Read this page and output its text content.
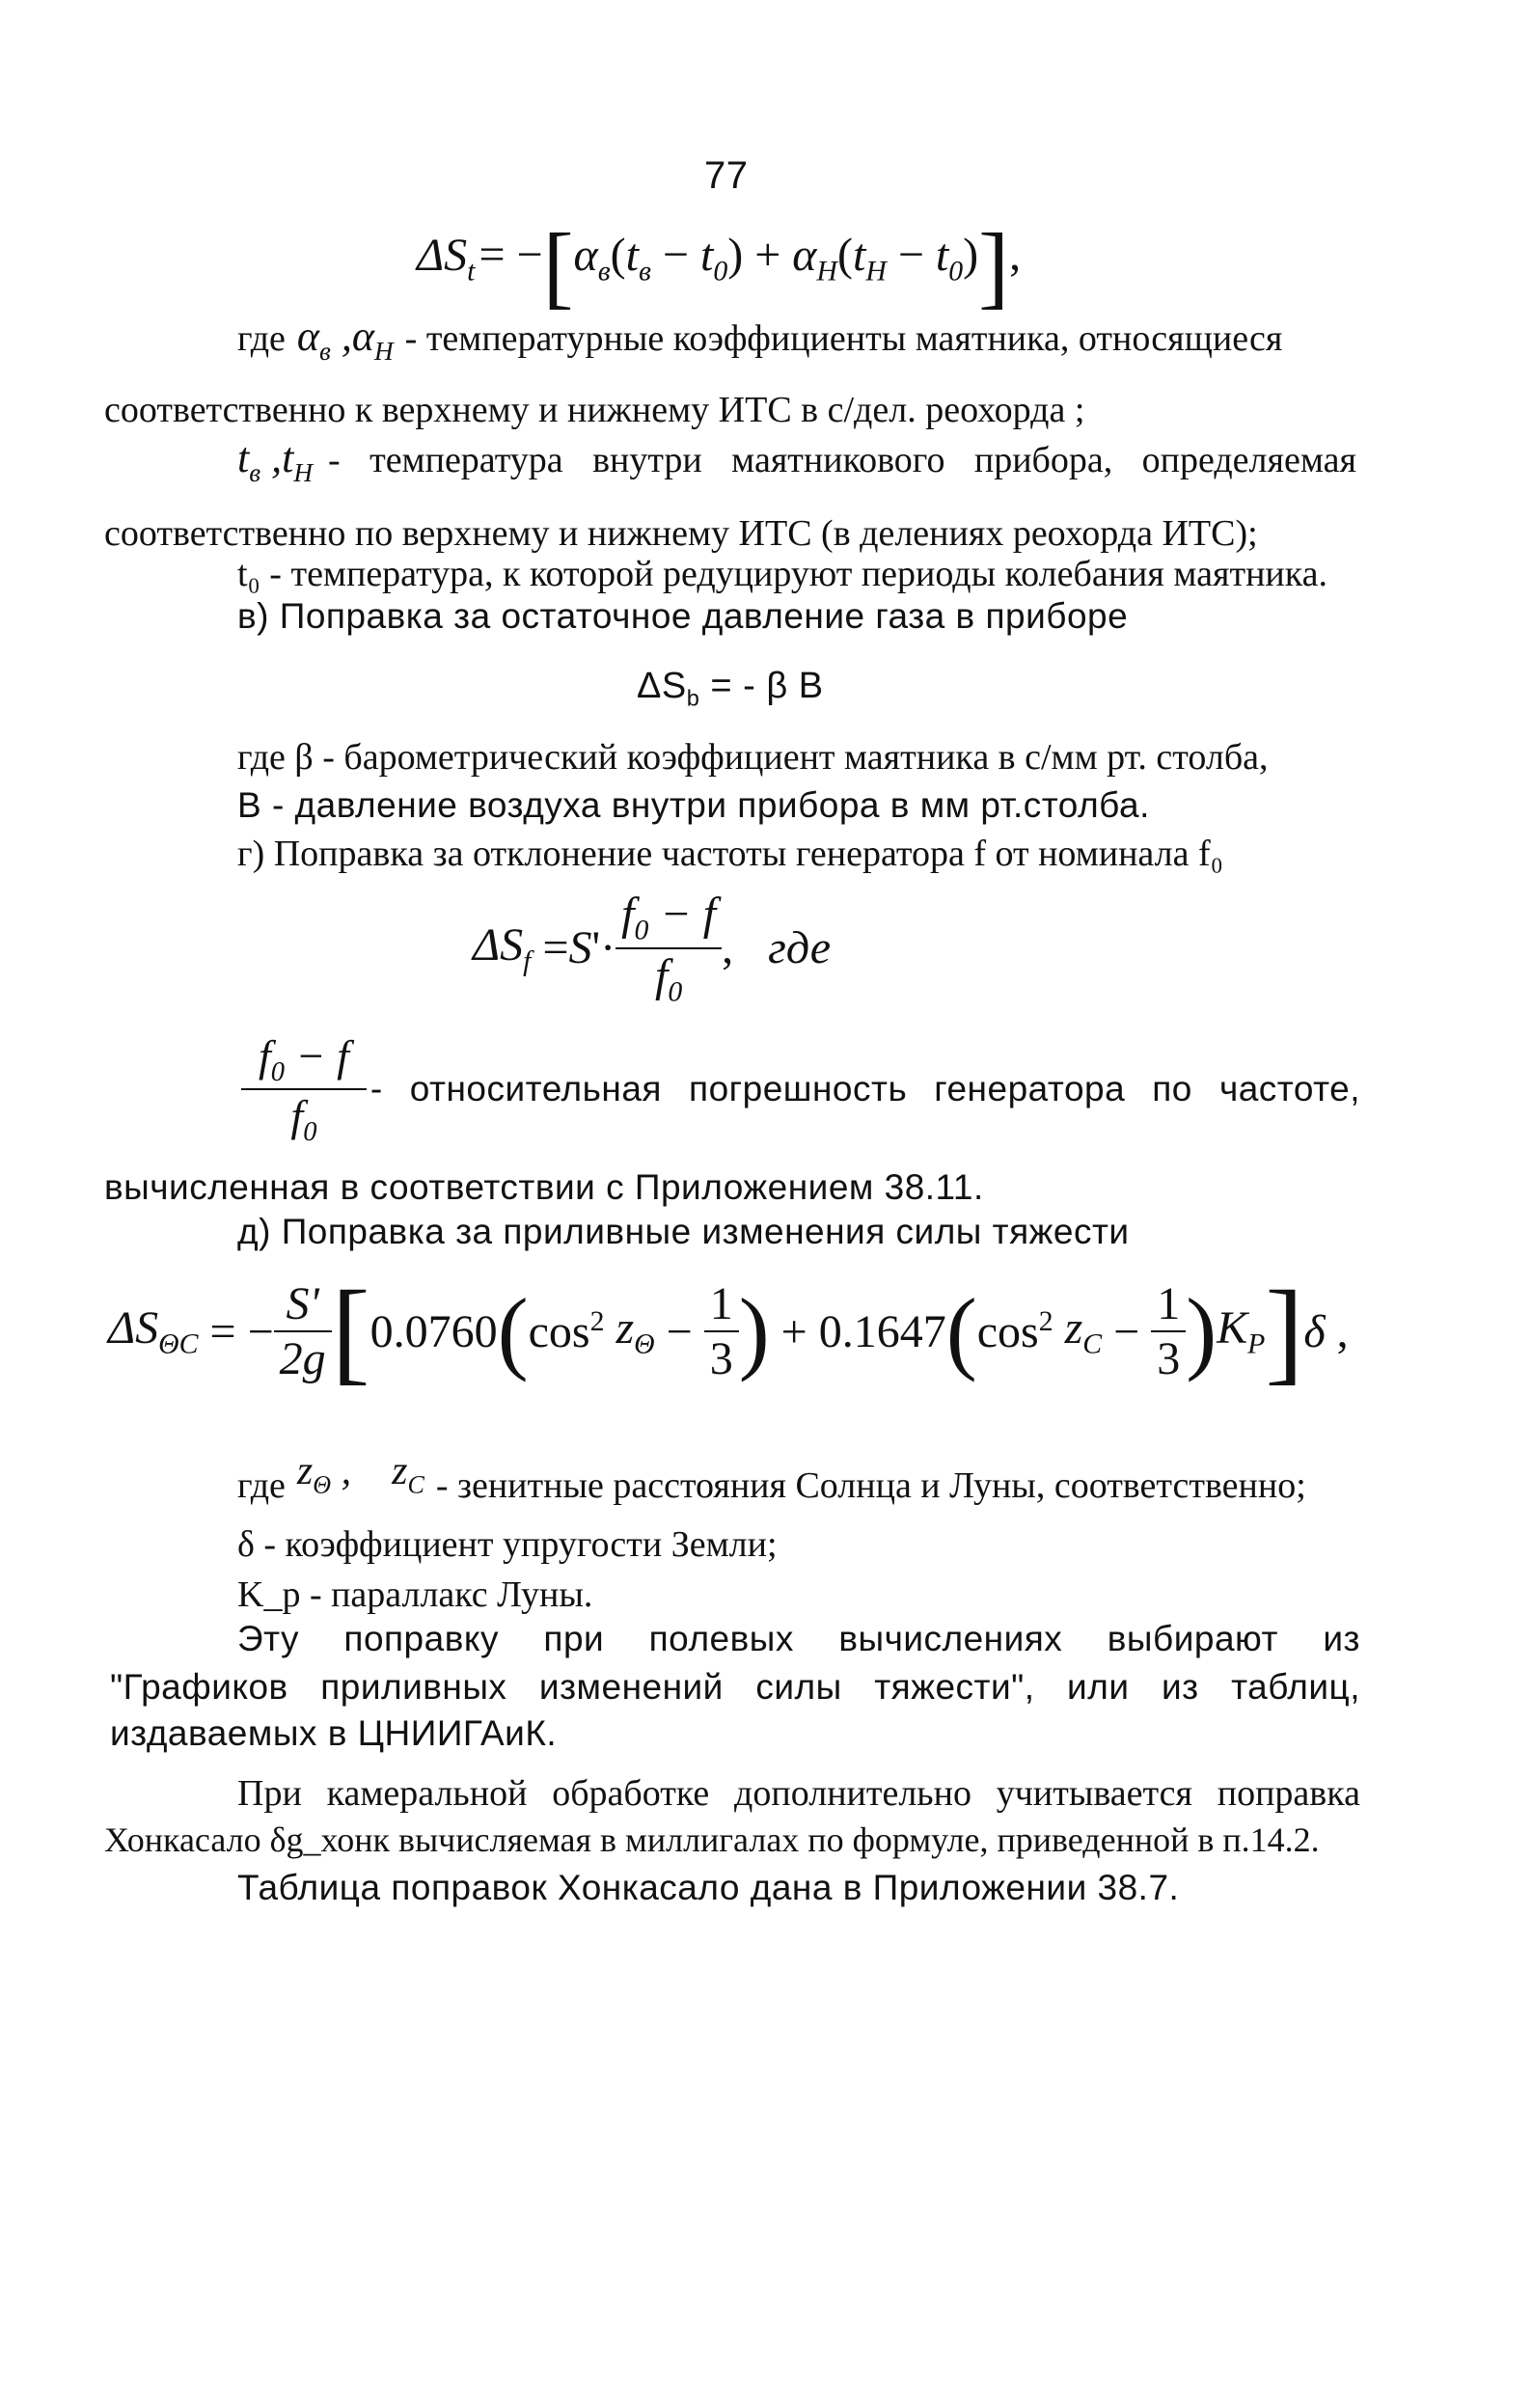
77
$\Delta S_t = -[\alpha_в(t_в - t_0) + \alpha_H(t_H - t_0)]$,
где $\alpha_в$ $,\alpha_H$ - температурные коэффициенты маятника, относящиеся
соответственно к верхнему и нижнему ИТС в с/дел. реохорда ;
$t_в$ $,t_H$ - температура внутри маятникового прибора, определяемая
соответственно по верхнему и нижнему ИТС (в делениях реохорда ИТС);
t₀ - температура, к которой редуцируют периоды колебания маятника.
в) Поправка за остаточное давление газа в приборе
$\Delta S_b$ = - β B
где β - барометрический коэффициент маятника в с/мм рт. столба,
B - давление воздуха внутри прибора в мм рт.столба.
г) Поправка за отклонение частоты генератора f от номинала f₀
$\Delta S_f = S$ '· $\frac{f_0 - f}{f_0}$ , где
$\frac{f_0 - f}{f_0}$ - относительная погрешность генератора по частоте,
вычисленная в соответствии с Приложением 38.11.
д) Поправка за приливные изменения силы тяжести
$\Delta S_{\Theta C}$ = − $\frac{S'}{2g}$ [ 0.0760 ( $\cos^2 z_\Theta - \frac{1}{3}$ ) + 0.1647 ( $\cos^2 z_C - \frac{1}{3}$ ) $K_P$ ] δ ,
где $z_\Theta$ ,    $z_C$ - зенитные расстояния Солнца и Луны, соответственно;
δ - коэффициент упругости Земли;
K_p - параллакс Луны.
Эту поправку при полевых вычислениях выбирают из
"Графиков приливных изменений силы тяжести", или из таблиц,
издаваемых в ЦНИИГАиК.
При камеральной обработке дополнительно учитывается поправка
Хонкасало δg_хонк вычисляемая в миллигалах по формуле, приведенной в п.14.2.
Таблица поправок Хонкасало дана в Приложении 38.7.
